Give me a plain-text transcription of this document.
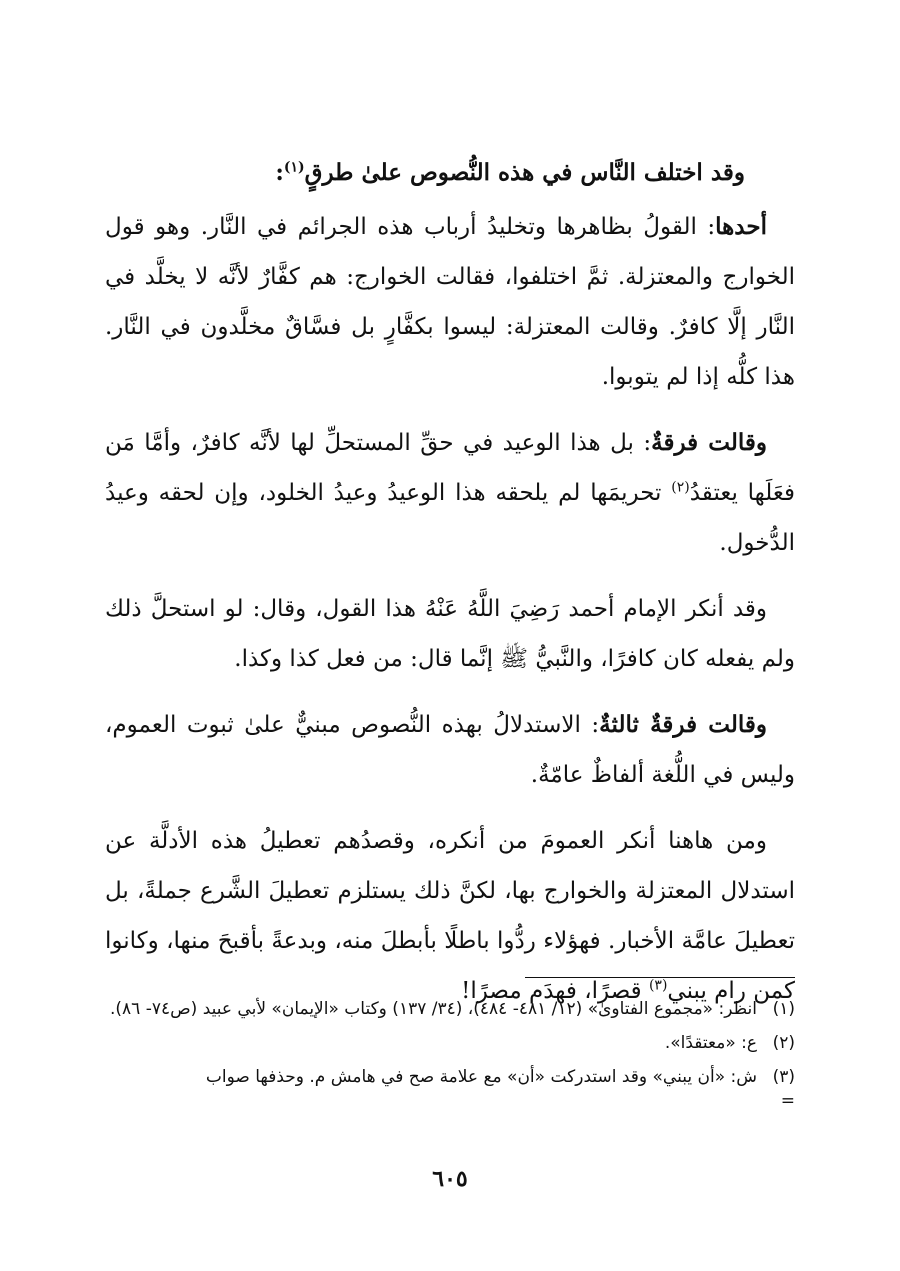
وقد اختلف النَّاس في هذه النُّصوص علىٰ طرقٍ$^{(١)}$:

أحدها: القولُ بظاهرها وتخليدُ أرباب هذه الجرائم في النَّار. وهو قول الخوارج والمعتزلة. ثمَّ اختلفوا، فقالت الخوارج: هم كفَّارٌ لأنَّه لا يخلَّد في النَّار إلَّا كافرٌ. وقالت المعتزلة: ليسوا بكفَّارٍ بل فسَّاقٌ مخلَّدون في النَّار. هذا كلُّه إذا لم يتوبوا.

وقالت فرقةٌ: بل هذا الوعيد في حقِّ المستحلِّ لها لأنَّه كافرٌ، وأمَّا مَن فعَلَها يعتقدُ$^{(٢)}$ تحريمَها لم يلحقه هذا الوعيدُ وعيدُ الخلود، وإن لحقه وعيدُ الدُّخول.

وقد أنكر الإمام أحمد رَضِيَ اللَّهُ عَنْهُ هذا القول، وقال: لو استحلَّ ذلك ولم يفعله كان كافرًا، والنَّبيُّ ﷺ إنَّما قال: من فعل كذا وكذا.

وقالت فرقةٌ ثالثةٌ: الاستدلالُ بهذه النُّصوص مبنيٌّ علىٰ ثبوت العموم، وليس في اللُّغة ألفاظٌ عامّةٌ.

ومن هاهنا أنكر العمومَ من أنكره، وقصدُهم تعطيلُ هذه الأدلَّة عن استدلال المعتزلة والخوارج بها، لكنَّ ذلك يستلزم تعطيلَ الشَّرع جملةً، بل تعطيلَ عامَّة الأخبار. فهؤلاء ردُّوا باطلًا بأبطلَ منه، وبدعةً بأقبحَ منها، وكانوا كمن رام يبني$^{(٣)}$ قصرًا، فهدَم مصرًا!

(١)
انظر: «مجموع الفتاوىٰ» (١٢/ ٤٨١- ٤٨٤)، (٣٤/ ١٣٧) وكتاب «الإيمان» لأبي عبيد (ص٧٤- ٨٦).
(٢)
ع: «معتقدًا».
(٣)
ش: «أن يبني» وقد استدركت «أن» مع علامة صح في هامش م. وحذفها صواب
=
٦٠٥
